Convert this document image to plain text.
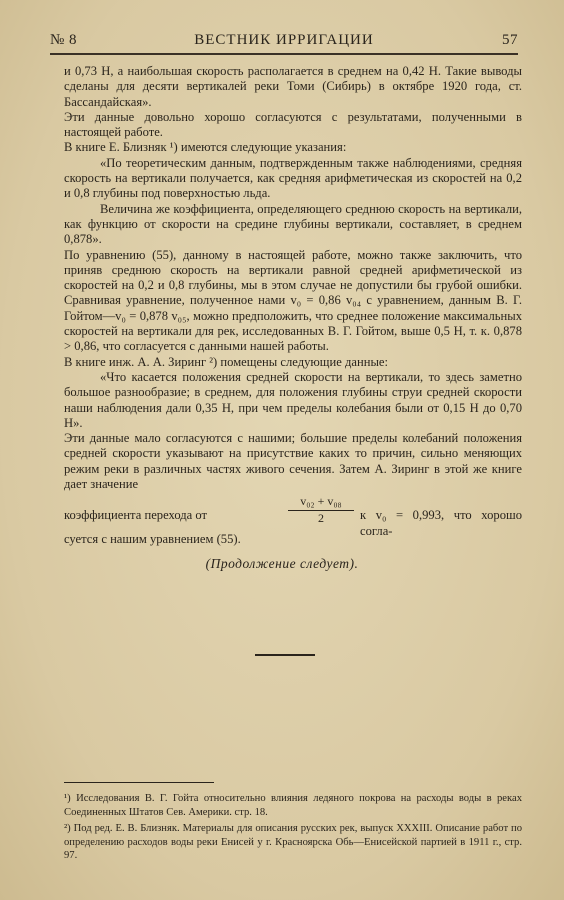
№ 8	ВЕСТНИК ИРРИГАЦИИ	57

и 0,73 H, а наибольшая скорость располагается в среднем на 0,42 H. Такие выводы сделаны для десяти вертикалей реки Томи (Сибирь) в октябре 1920 года, ст. Бассандайская».

Эти данные довольно хорошо согласуются с результатами, полученными в настоящей работе.

В книге Е. Близняк ¹) имеются следующие указания:

«По теоретическим данным, подтвержденным также наблюдениями, средняя скорость на вертикали получается, как средняя арифметическая из скоростей на 0,2 и 0,8 глубины под поверхностью льда.

Величина же коэффициента, определяющего среднюю скорость на вертикали, как функцию от скорости на средине глубины вертикали, составляет, в среднем 0,878».

По уравнению (55), данному в настоящей работе, можно также заключить, что приняв среднюю скорость на вертикали равной средней арифметической из скоростей на 0,2 и 0,8 глубины, мы в этом случае не допустили бы грубой ошибки. Сравнивая уравнение, полученное нами v₀ = 0,86 v₀₄ с уравнением, данным В. Г. Гойтом—v₀ = 0,878 v₀₅, можно предположить, что среднее положение максимальных скоростей на вертикали для рек, исследованных В. Г. Гойтом, выше 0,5 H, т. к. 0,878 > 0,86, что согласуется с данными нашей работы.

В книге инж. А. А. Зиринг ²) помещены следующие данные:

«Что касается положения средней скорости на вертикали, то здесь заметно большое разнообразие; в среднем, для положения глубины струи средней скорости наши наблюдения дали 0,35 H, при чем пределы колебания были от 0,15 H до 0,70 H».

Эти данные мало согласуются с нашими; большие пределы колебаний положения средней скорости указывают на присутствие каких то причин, сильно меняющих режим реки в различных частях живого сечения. Затем А. Зиринг в этой же книге дает значение

коэффициента перехода от
v₀₂ + v₀₈
2	к v₀ = 0,993, что хорошо согла-

суется с нашим уравнением (55).

(Продолжение следует).

¹) Исследования В. Г. Гойта относительно влияния ледяного покрова на расходы воды в реках Соединенных Штатов Сев. Америки. стр. 18.

²) Под ред. Е. В. Близняк. Материалы для описания русских рек, выпуск XXXIII. Описание работ по определению расходов воды реки Енисей у г. Красноярска Обь—Енисейской партией в 1911 г., стр. 97.
